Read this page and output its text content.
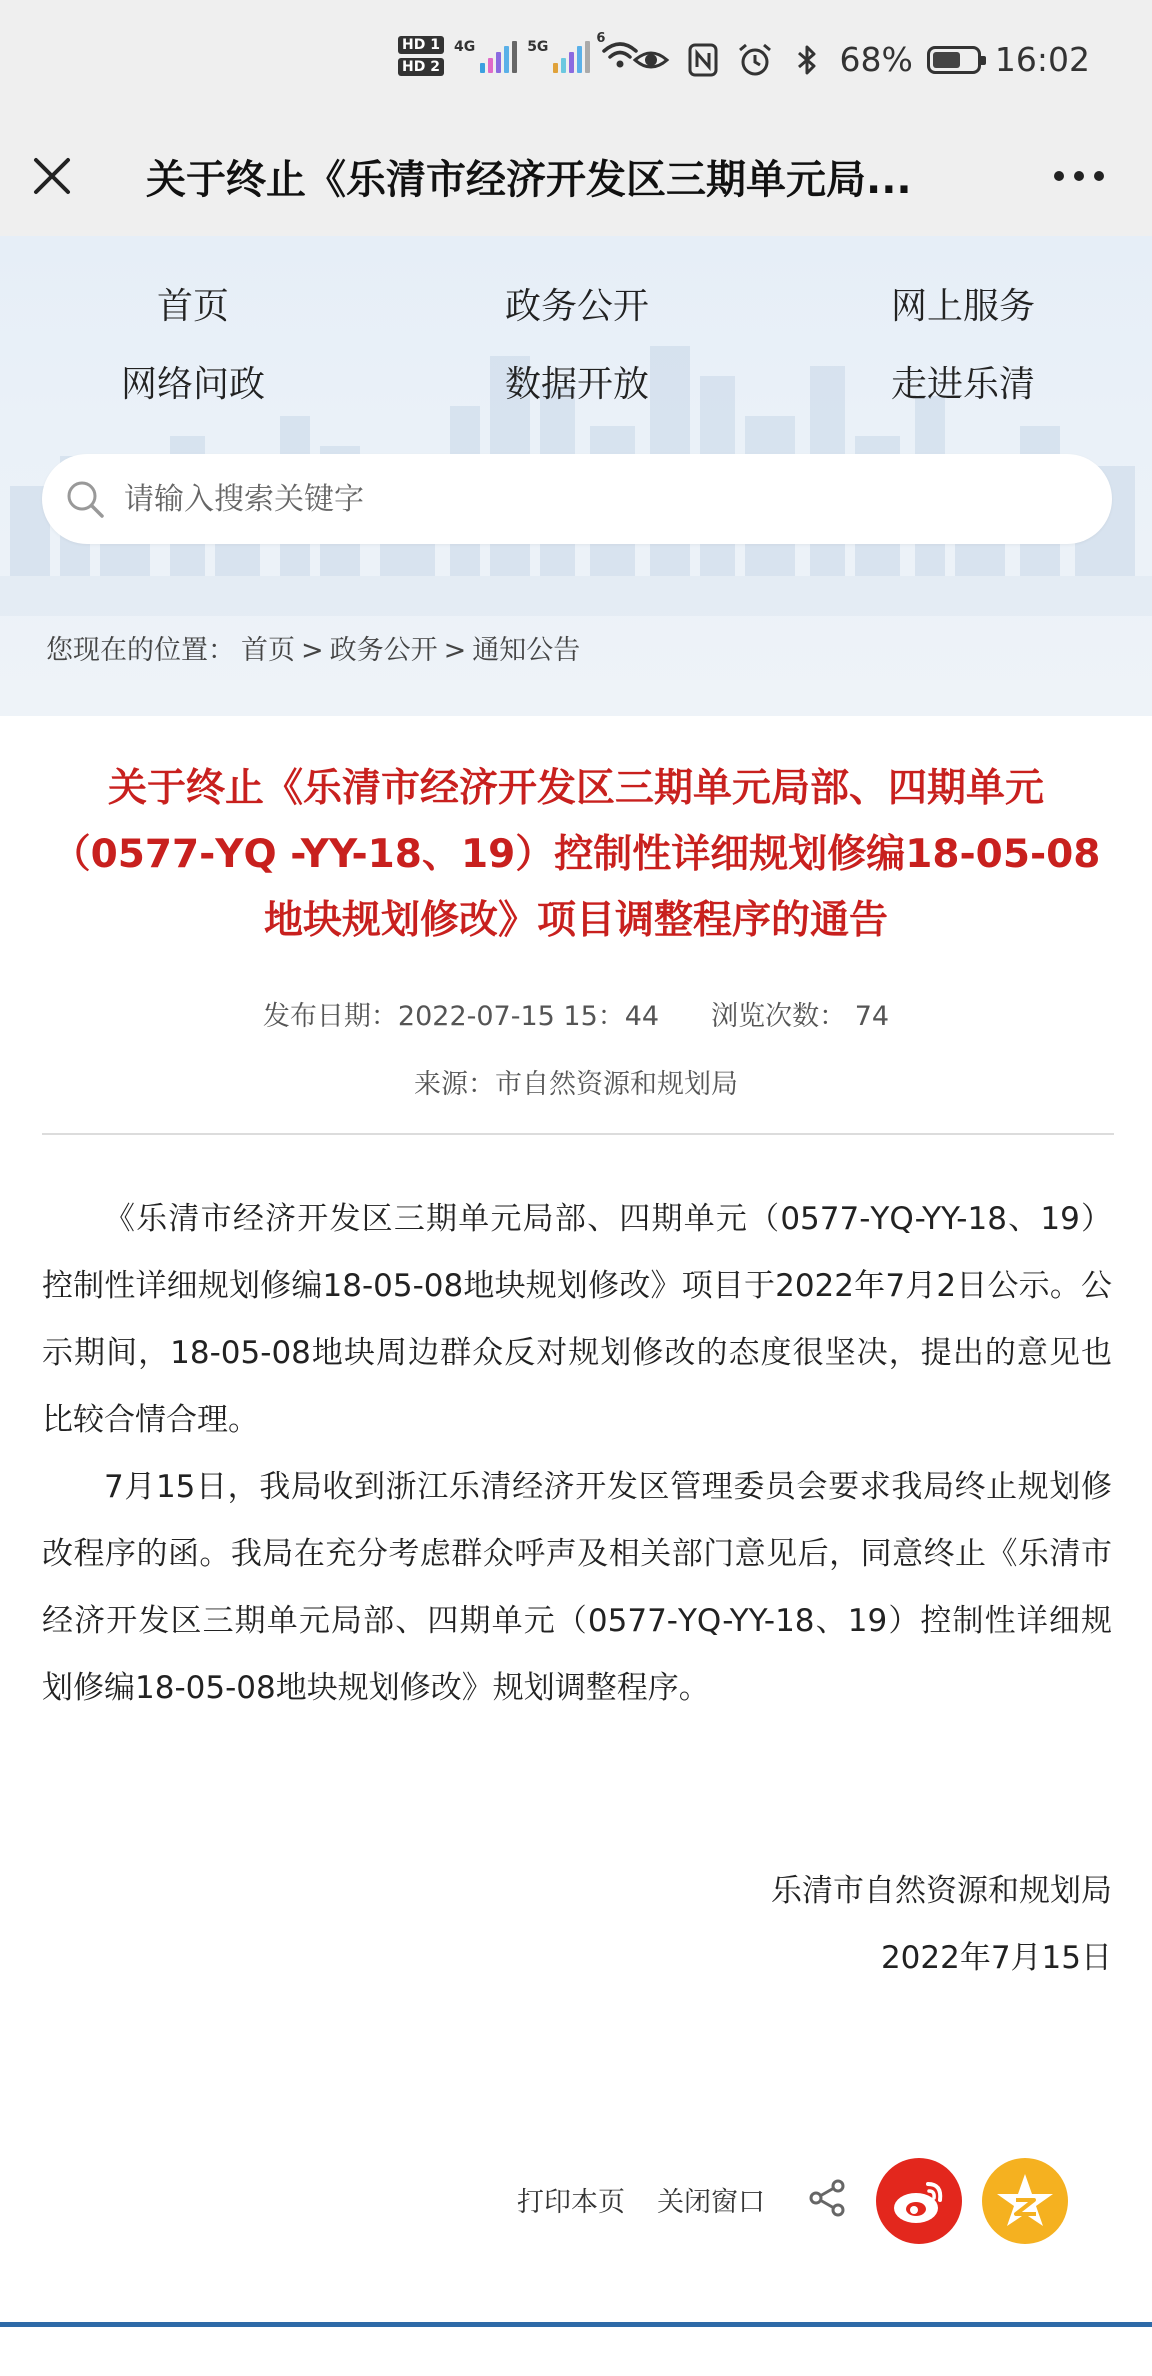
HD 1
HD 2
4G	5G
6
68% 16:02
关于终止《乐清市经济开发区三期单元局...
首页	政务公开	网上服务
网络问政	数据开放	走进乐清
请输入搜索关键字
您现在的位置： 首页 > 政务公开 > 通知公告
关于终止《乐清市经济开发区三期单元局部、四期单元（0577-YQ -YY-18、19）控制性详细规划修编18-05-08地块规划修改》项目调整程序的通告
发布日期：2022-07-15 15：44 浏览次数： 74
来源：市自然资源和规划局

《乐清市经济开发区三期单元局部、四期单元（0577-YQ-YY-18、19）控制性详细规划修编18-05-08地块规划修改》项目于2022年7月2日公示。公示期间，18-05-08地块周边群众反对规划修改的态度很坚决，提出的意见也比较合情合理。

7月15日，我局收到浙江乐清经济开发区管理委员会要求我局终止规划修改程序的函。我局在充分考虑群众呼声及相关部门意见后，同意终止《乐清市经济开发区三期单元局部、四期单元（0577-YQ-YY-18、19）控制性详细规划修编18-05-08地块规划修改》规划调整程序。

乐清市自然资源和规划局
2022年7月15日
打印本页 关闭窗口
